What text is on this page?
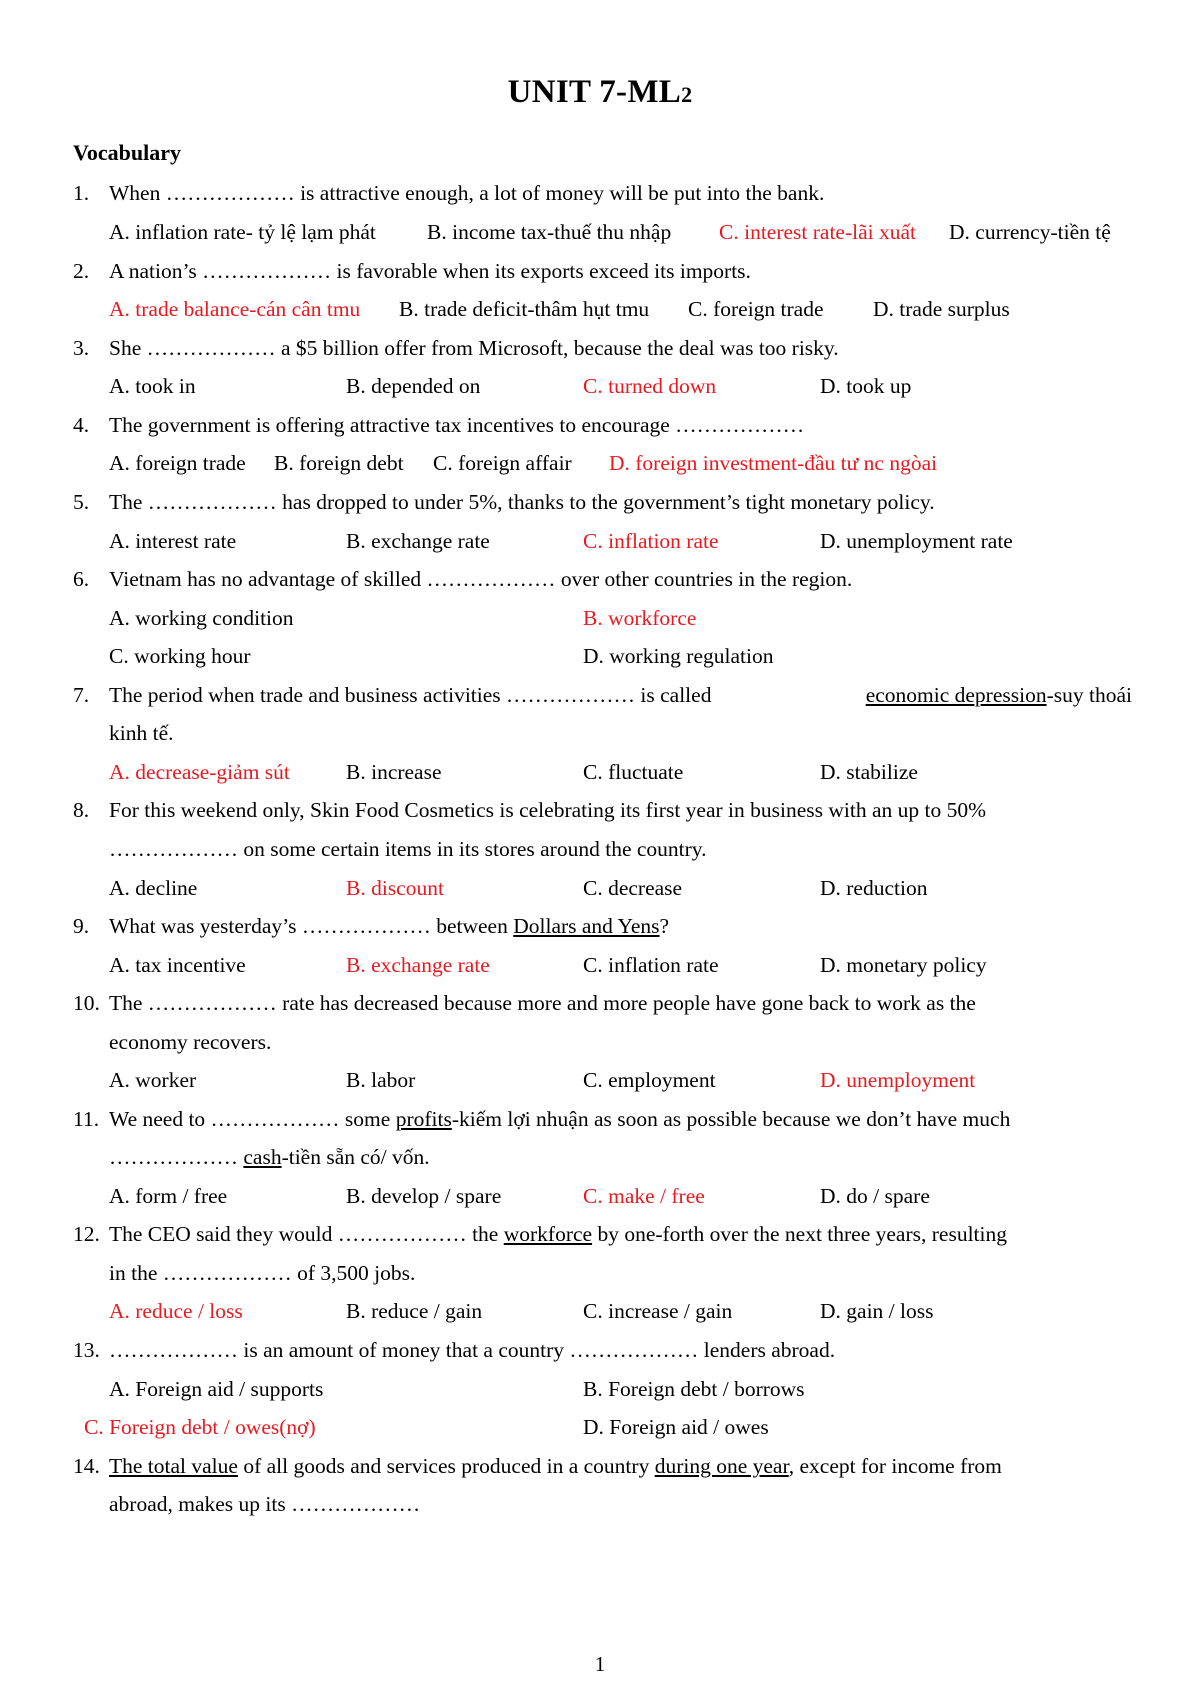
UNIT 7-ML2
Vocabulary
1. When ……………… is attractive enough, a lot of money will be put into the bank.
A. inflation rate- tỷ lệ lạm phát B. income tax-thuế thu nhập C. interest rate-lãi xuất D. currency-tiền tệ
2. A nation’s ……………… is favorable when its exports exceed its imports.
A. trade balance-cán cân tmu B. trade deficit-thâm hụt tmu C. foreign trade D. trade surplus
3. She ……………… a $5 billion offer from Microsoft, because the deal was too risky.
A. took in	B. depended on	C. turned down	D. took up
4. The government is offering attractive tax incentives to encourage ………………
A. foreign trade B. foreign debt C. foreign affair D. foreign investment-đầu tư nc ngòai
5. The ……………… has dropped to under 5%, thanks to the government’s tight monetary policy.
A. interest rate	B. exchange rate	C. inflation rate	D. unemployment rate
6. Vietnam has no advantage of skilled ……………… over other countries in the region.
A. working condition	B. workforce
C. working hour	D. working regulation
7. The period when trade and business activities ……………… is called	economic depression-suy thoái
kinh tế.
A. decrease-giảm sút	B. increase	C. fluctuate	D. stabilize
8. For this weekend only, Skin Food Cosmetics is celebrating its first year in business with an up to 50%
……………… on some certain items in its stores around the country.
A. decline	B. discount	C. decrease	D. reduction
9. What was yesterday’s ……………… between Dollars and Yens?
A. tax incentive	B. exchange rate	C. inflation rate	D. monetary policy
10. The ……………… rate has decreased because more and more people have gone back to work as the
economy recovers.
A. worker	B. labor	C. employment	D. unemployment
11. We need to ……………… some profits-kiếm lợi nhuận as soon as possible because we don’t have much
……………… cash-tiền sẵn có/ vốn.
A. form / free	B. develop / spare	C. make / free	D. do / spare
12. The CEO said they would ……………… the workforce by one-forth over the next three years, resulting
in the ……………… of 3,500 jobs.
A. reduce / loss	B. reduce / gain	C. increase / gain	D. gain / loss
13. ……………… is an amount of money that a country ……………… lenders abroad.
A. Foreign aid / supports	B. Foreign debt / borrows
C. Foreign debt / owes(nợ)	D. Foreign aid / owes
14. The total value of all goods and services produced in a country during one year, except for income from
abroad, makes up its ………………
1
